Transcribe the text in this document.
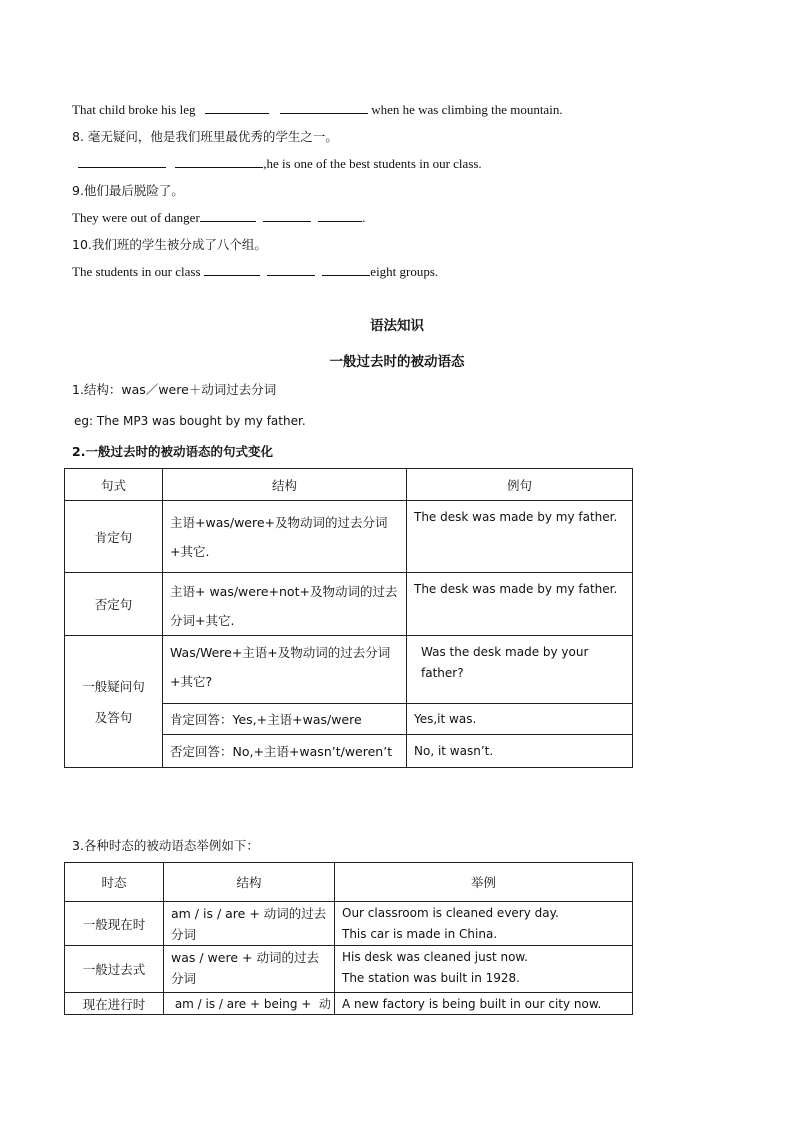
That child broke his leg	when he was climbing the mountain.
8. 毫无疑问，他是我们班里最优秀的学生之一。
,he is one of the best students in our class.
9.他们最后脱险了。
They were out of danger	.
10.我们班的学生被分成了八个组。
The students in our class	eight groups.
语法知识
一般过去时的被动语态
1.结构：was／were＋动词过去分词
eg: The MP3 was bought by my father.
2.一般过去时的被动语态的句式变化
句式	结构	例句
肯定句	主语+was/were+及物动词的过去分词+其它.	The desk was made by my father.

否定句	主语+ was/were+not+及物动词的过去分词+其它.	The desk was made by my father.

一般疑问句及答句	Was/Were+主语+及物动词的过去分词+其它?	Was the desk made by your father?

	肯定回答：Yes,+主语+was/were	Yes,it was.
	否定回答：No,+主语+wasn’t/weren’t	No, it wasn’t.
3.各种时态的被动语态举例如下：
时态	结构	举例
一般现在时	am / is / are + 动词的过去分词	Our classroom is cleaned every day.
This car is made in China.

一般过去式	was / were + 动词的过去分词	His desk was cleaned just now.
The station was built in 1928.

现在进行时	am / is / are + being +  动	A new factory is being built in our city now.
